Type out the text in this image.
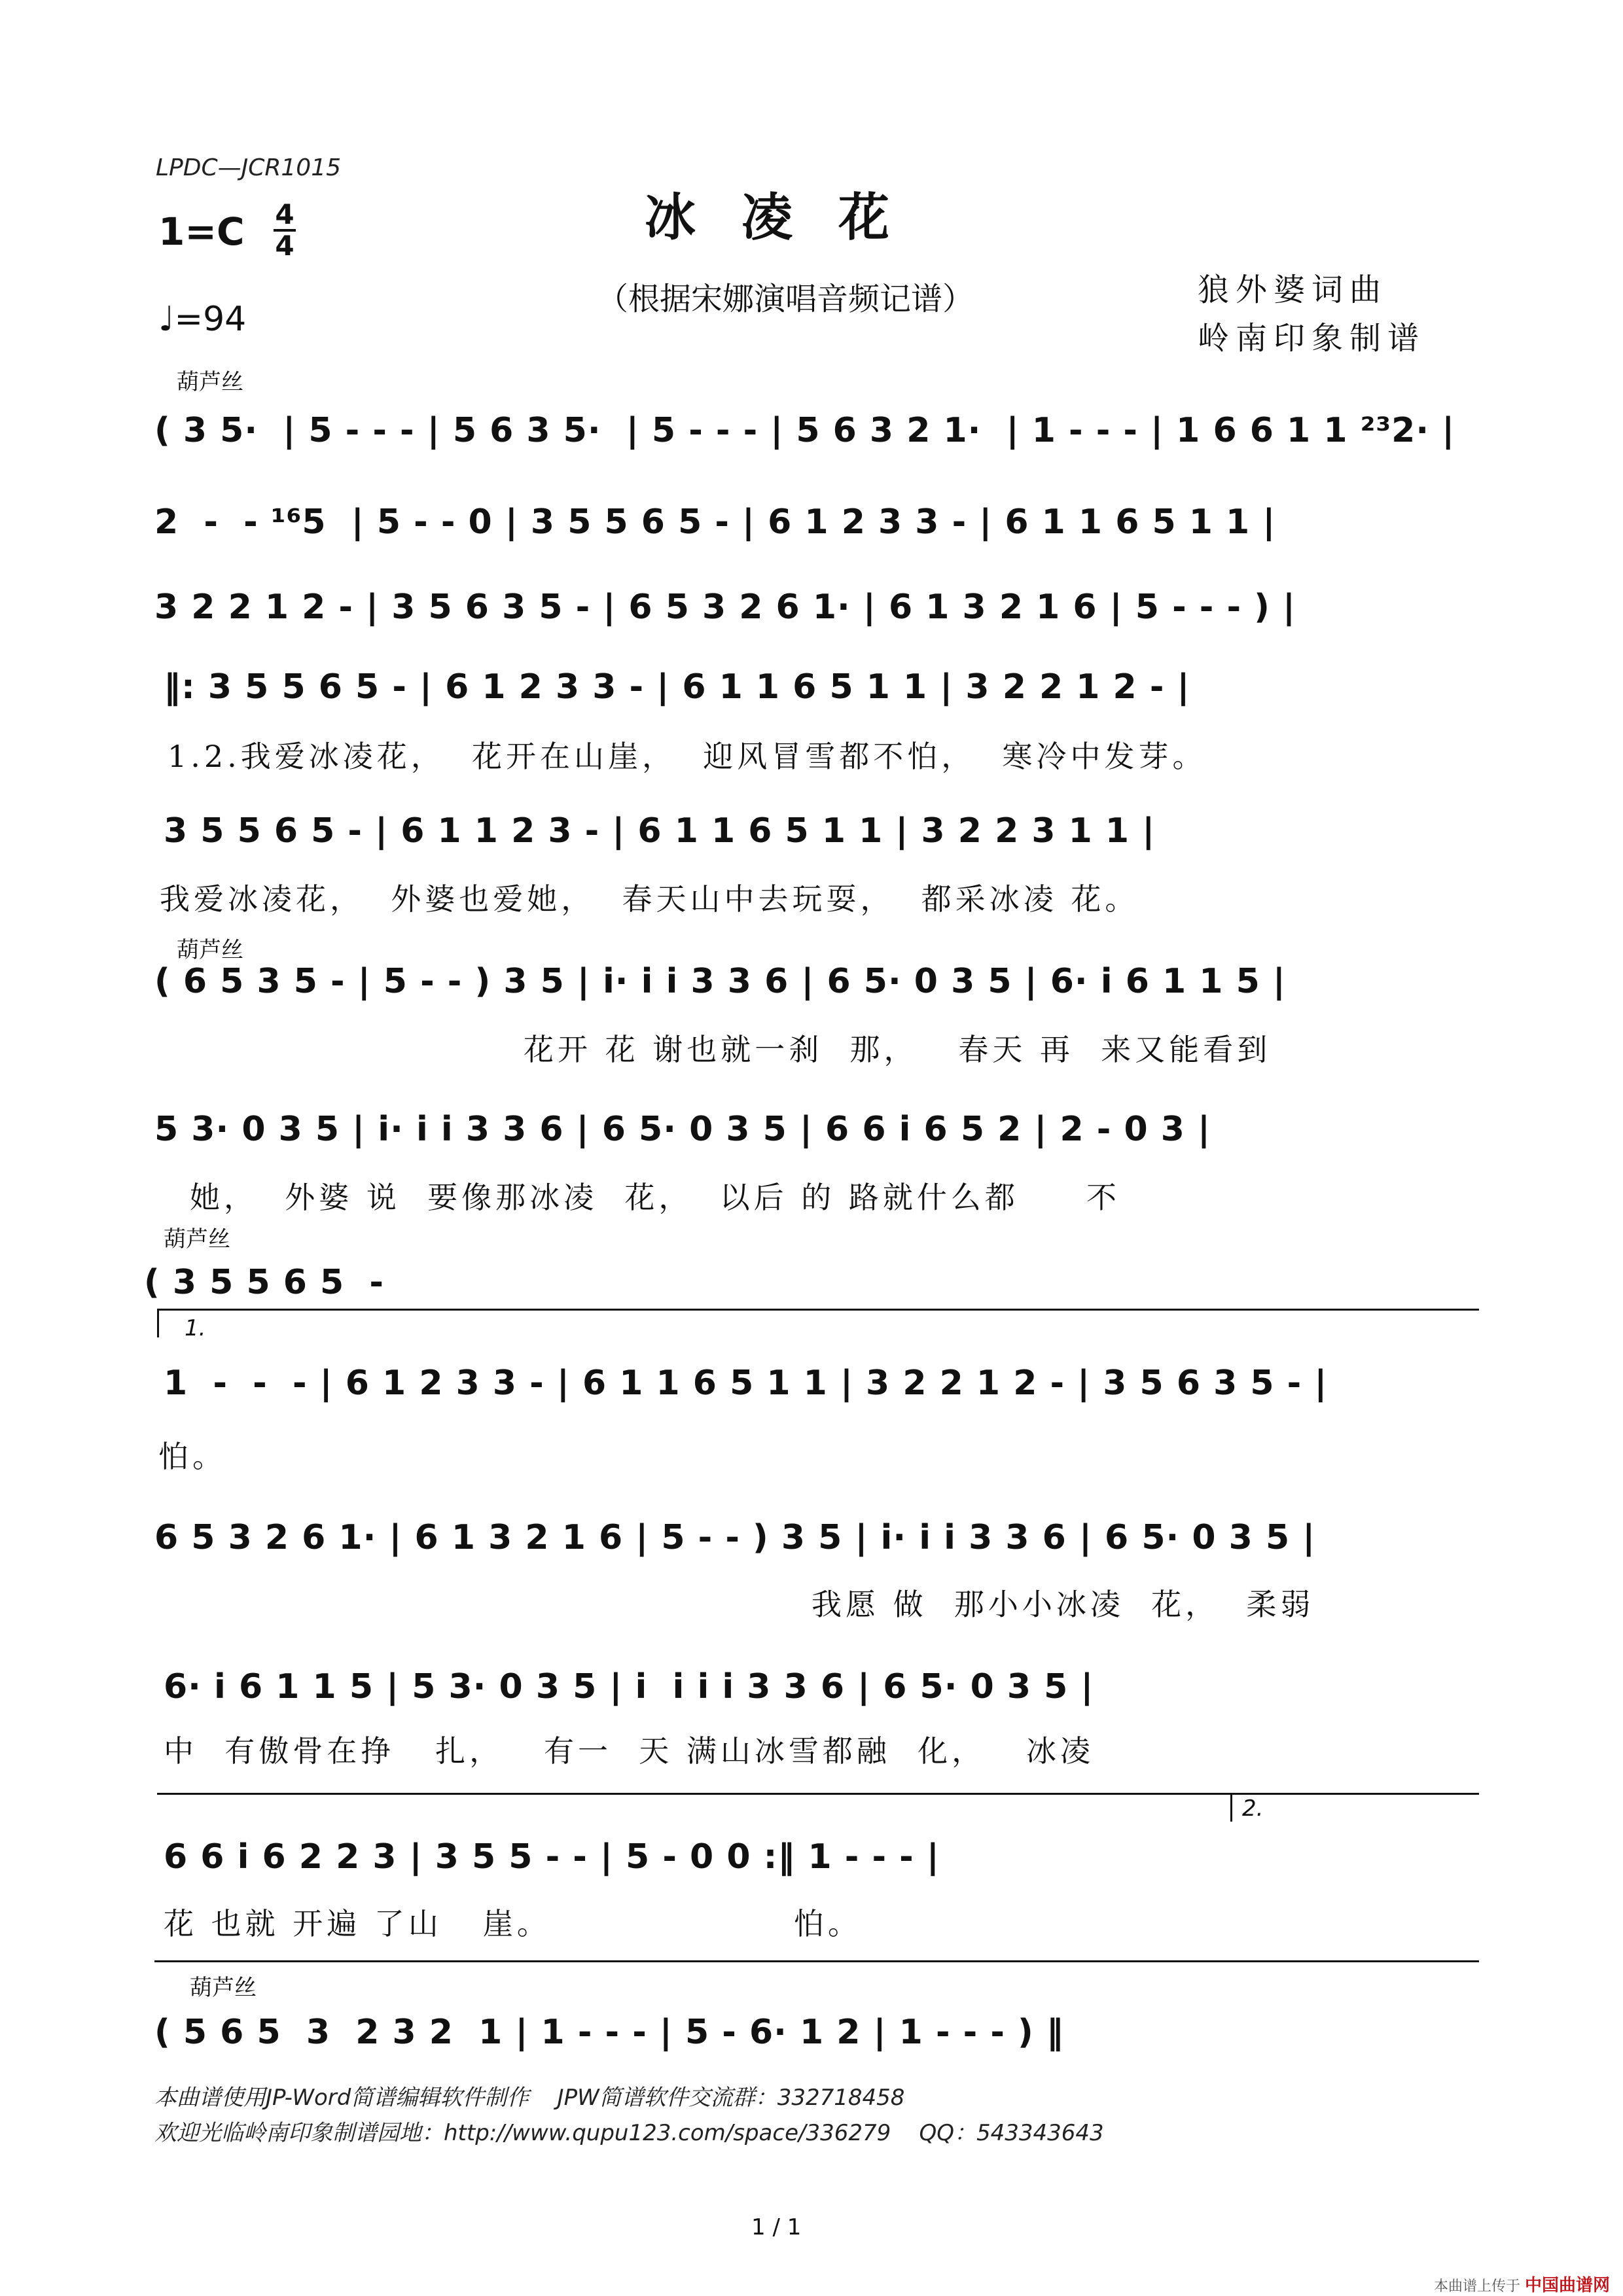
LPDC—JCR1015
冰凌花
（根据宋娜演唱音频记谱）	狼外婆词曲
岭南印象制谱
1=C 4
4
♩=94
葫芦丝
葫芦丝
葫芦丝
葫芦丝
( 3 5·  | 5 - - - | 5 6 3 5·  | 5 - - - | 5 6 3 2 1·  | 1 - - - | 1 6 6 1 1 ²³2· |
2  -  - ¹⁶5  | 5 - - 0 | 3 5 5 6 5 - | 6 1 2 3 3 - | 6 1 1 6 5 1 1 |
3 2 2 1 2 - | 3 5 6 3 5 - | 6 5 3 2 6 1· | 6 1 3 2 1 6 | 5 - - - ) |
‖: 3 5 5 6 5 - | 6 1 2 3 3 - | 6 1 1 6 5 1 1 | 3 2 2 1 2 - |
1.2.我爱冰凌花，  花开在山崖，  迎风冒雪都不怕，  寒冷中发芽。
3 5 5 6 5 - | 6 1 1 2 3 - | 6 1 1 6 5 1 1 | 3 2 2 3 1 1 |
我爱冰凌花，  外婆也爱她，  春天山中去玩耍，  都采冰凌 花。
( 6 5 3 5 - | 5 - - ) 3 5 | i· i i 3 3 6 | 6 5· 0 3 5 | 6· i 6 1 1 5 |
花开 花 谢也就一刹  那，   春天 再  来又能看到
5 3· 0 3 5 | i· i i 3 3 6 | 6 5· 0 3 5 | 6 6 i 6 5 2 | 2 - 0 3 |
她，  外婆 说  要像那冰凌  花，  以后 的 路就什么都     不
( 3 5 5 6 5  -
1.
1  -  -  - | 6 1 2 3 3 - | 6 1 1 6 5 1 1 | 3 2 2 1 2 - | 3 5 6 3 5 - |
怕。
6 5 3 2 6 1· | 6 1 3 2 1 6 | 5 - - ) 3 5 | i· i i 3 3 6 | 6 5· 0 3 5 |
我愿 做  那小小冰凌  花，  柔弱
6· i 6 1 1 5 | 5 3· 0 3 5 | i  i i i 3 3 6 | 6 5· 0 3 5 |
中  有傲骨在挣   扎，   有一  天 满山冰雪都融  化，   冰凌
2.
6 6 i 6 2 2 3 | 3 5 5 - - | 5 - 0 0 :‖ 1 - - - |
花 也就 开遍 了山   崖。                  怕。
( 5 6 5  3  2 3 2  1 | 1 - - - | 5 - 6· 1 2 | 1 - - - ) ‖
本曲谱使用JP-Word简谱编辑软件制作    JPW简谱软件交流群：332718458
欢迎光临岭南印象制谱园地：http://www.qupu123.com/space/336279    QQ：543343643
1 / 1
本曲谱上传于 中国曲谱网
